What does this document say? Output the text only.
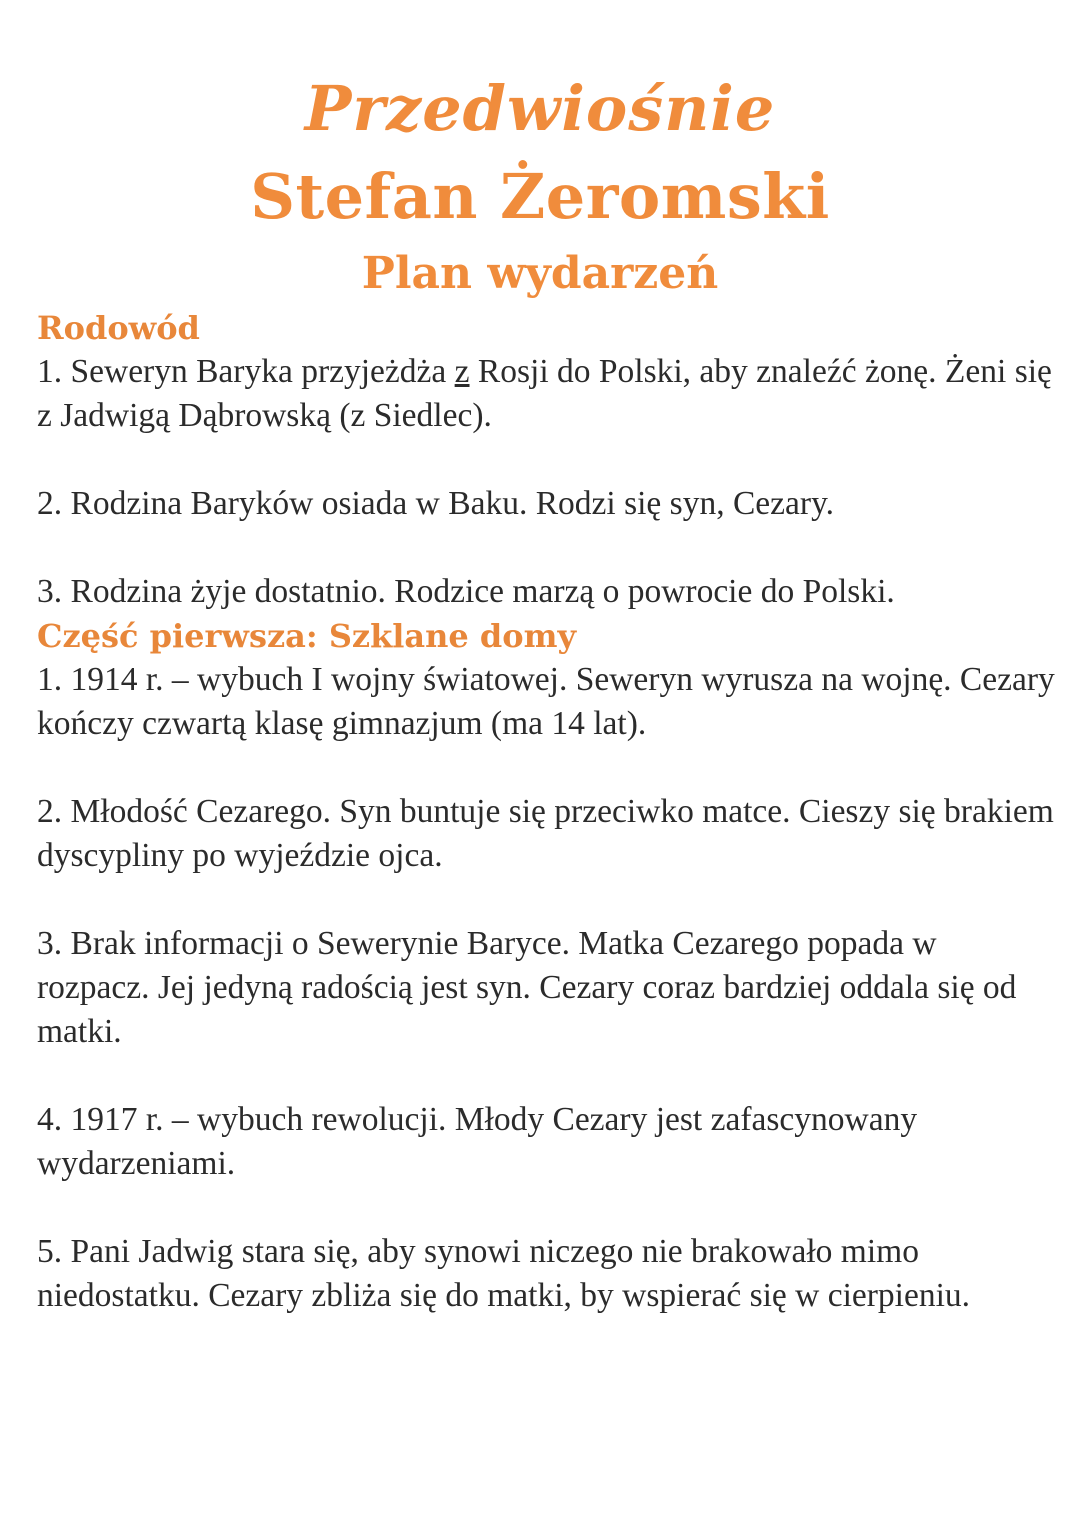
Przedwiośnie
Stefan Żeromski
Plan wydarzeń

Rodowód

1. Seweryn Baryka przyjeżdża z Rosji do Polski, aby znaleźć żonę. Żeni się z Jadwigą Dąbrowską (z Siedlec).

2. Rodzina Baryków osiada w Baku. Rodzi się syn, Cezary.

3. Rodzina żyje dostatnio. Rodzice marzą o powrocie do Polski.

Część pierwsza: Szklane domy

1. 1914 r. – wybuch I wojny światowej. Seweryn wyrusza na wojnę. Cezary kończy czwartą klasę gimnazjum (ma 14 lat).

2. Młodość Cezarego. Syn buntuje się przeciwko matce. Cieszy się brakiem dyscypliny po wyjeździe ojca.

3. Brak informacji o Sewerynie Baryce. Matka Cezarego popada w rozpacz. Jej jedyną radością jest syn. Cezary coraz bardziej oddala się od matki.

4. 1917 r. – wybuch rewolucji. Młody Cezary jest zafascynowany wydarzeniami.

5. Pani Jadwig stara się, aby synowi niczego nie brakowało mimo niedostatku. Cezary zbliża się do matki, by wspierać się w cierpieniu.
